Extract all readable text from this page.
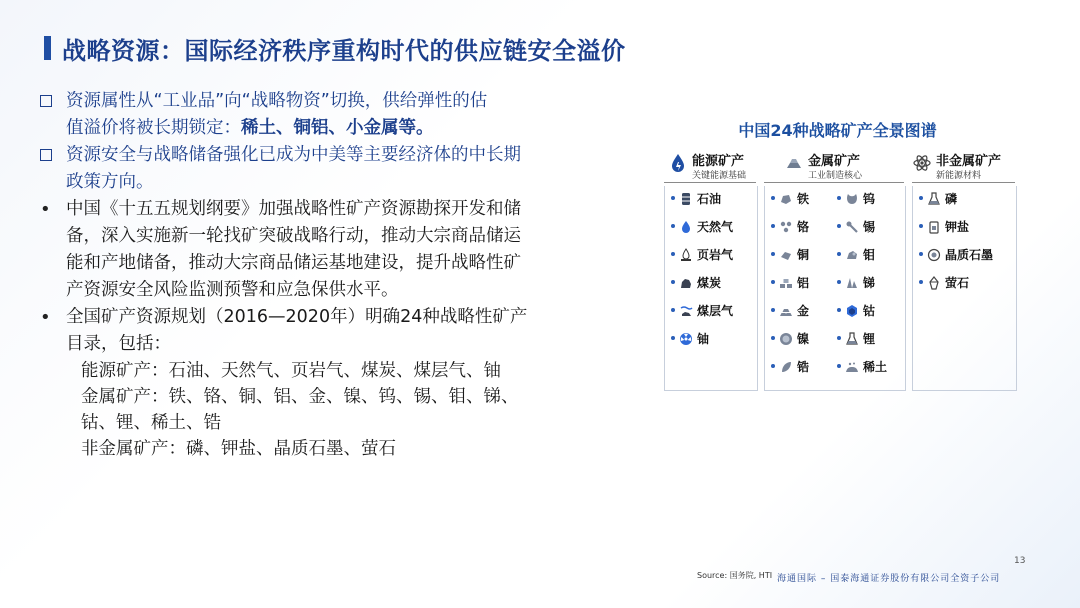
战略资源：国际经济秩序重构时代的供应链安全溢价
资源属性从“工业品”向“战略物资”切换，供给弹性的估
值溢价将被长期锁定：稀土、铜铝、小金属等。
资源安全与战略储备强化已成为中美等主要经济体的中长期
政策方向。
•
中国《十五五规划纲要》加强战略性矿产资源勘探开发和储
备，深入实施新一轮找矿突破战略行动，推动大宗商品储运
能和产地储备，推动大宗商品储运基地建设，提升战略性矿
产资源安全风险监测预警和应急保供水平。
•
全国矿产资源规划（2016—2020年）明确24种战略性矿产
目录，包括：
能源矿产：石油、天然气、页岩气、煤炭、煤层气、铀
金属矿产：铁、铬、铜、铝、金、镍、钨、锡、钼、锑、
钴、锂、稀土、锆
非金属矿产：磷、钾盐、晶质石墨、萤石
中国24种战略矿产全景图谱
能源矿产
关键能源基础
金属矿产
工业制造核心
非金属矿产
新能源材料
石油
天然气
页岩气
煤炭
煤层气
铀
铁
铬
铜
铝
金
镍
锆
钨
锡
钼
锑
钴
锂
稀土
磷
钾盐
晶质石墨
萤石
13
Source: 国务院, HTI 海通国际 – 国泰海通证券股份有限公司全资子公司
